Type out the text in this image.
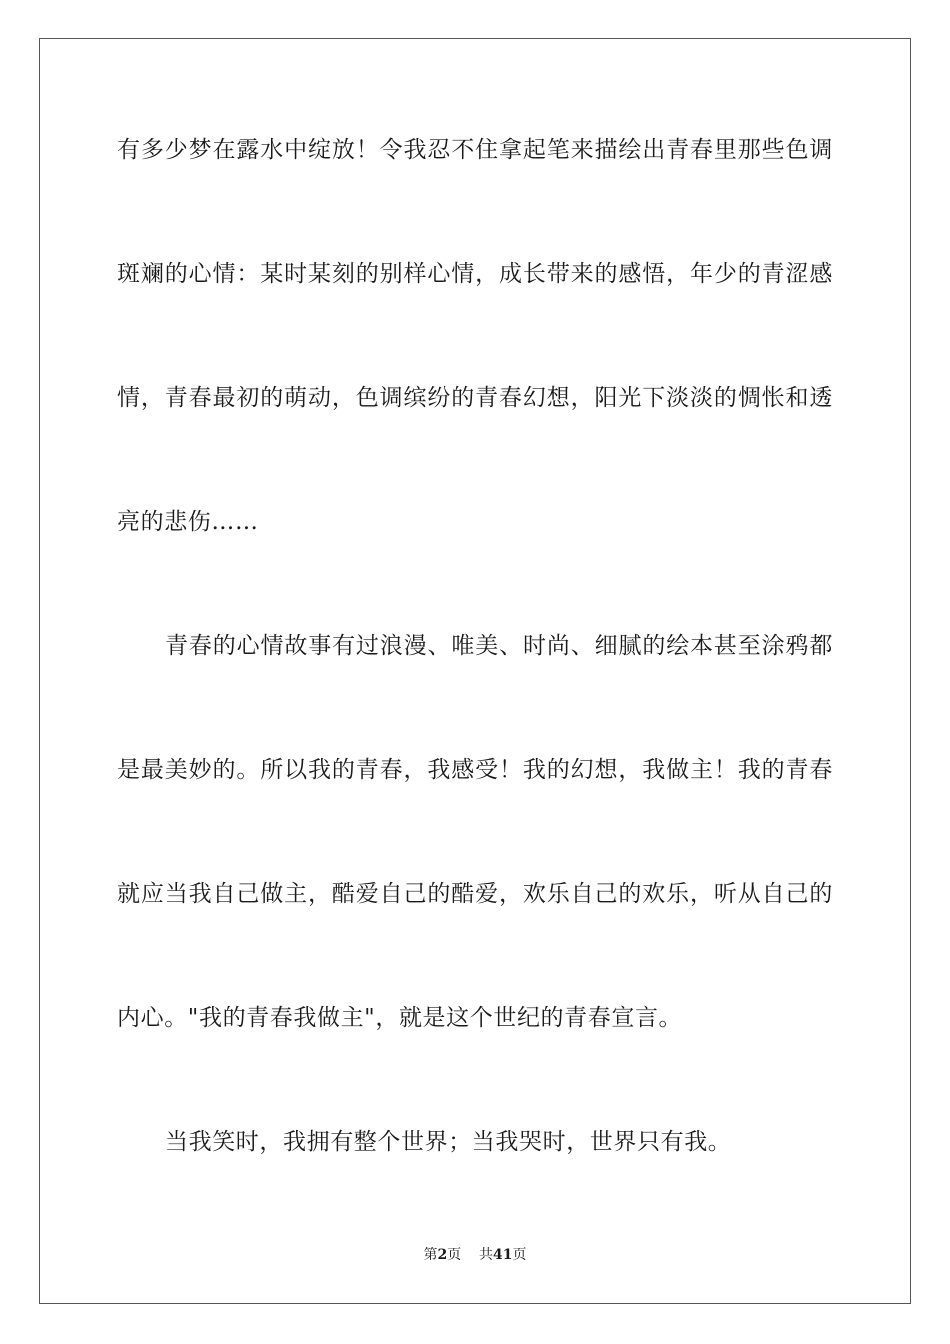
有多少梦在露水中绽放！令我忍不住拿起笔来描绘出青春里那些色调
斑斓的心情：某时某刻的别样心情，成长带来的感悟，年少的青涩感
情，青春最初的萌动，色调缤纷的青春幻想，阳光下淡淡的惆怅和透
亮的悲伤……
青春的心情故事有过浪漫、唯美、时尚、细腻的绘本甚至涂鸦都
是最美妙的。所以我的青春，我感受！我的幻想，我做主！我的青春
就应当我自己做主，酷爱自己的酷爱，欢乐自己的欢乐，听从自己的
内心。"我的青春我做主"，就是这个世纪的青春宣言。
当我笑时，我拥有整个世界；当我哭时，世界只有我。
第2页 共41页
